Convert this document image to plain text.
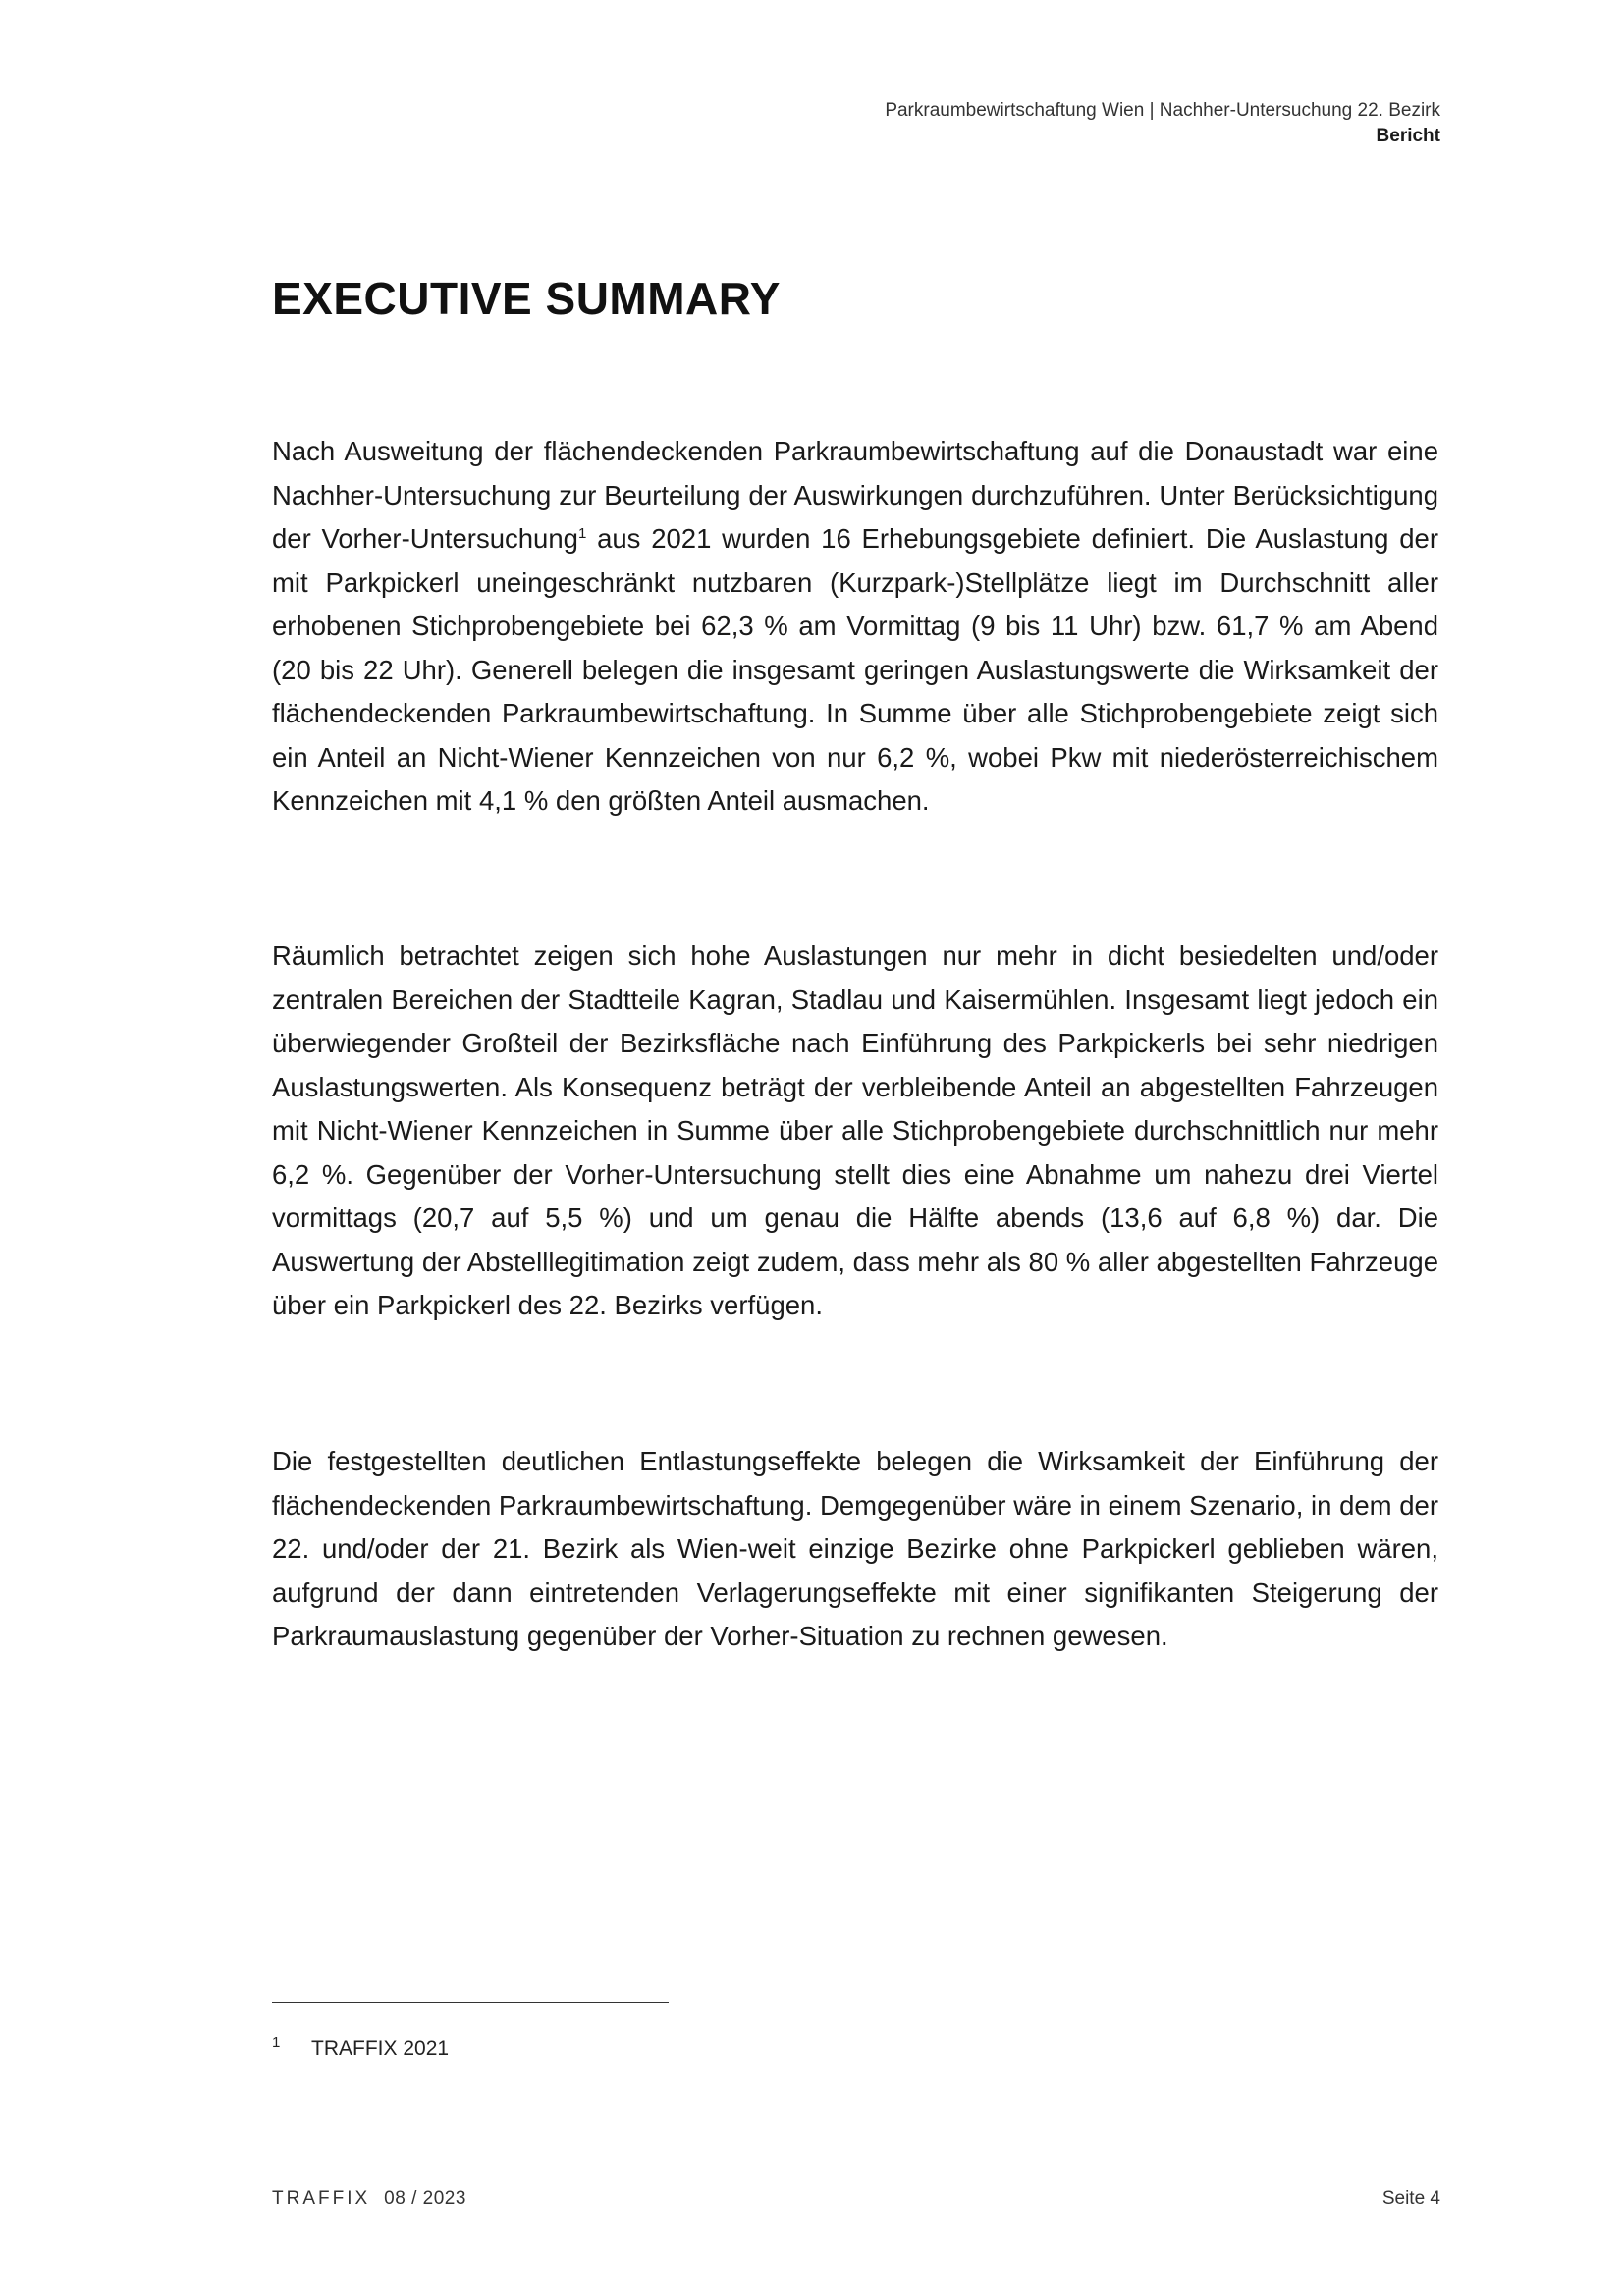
Parkraumbewirtschaftung Wien | Nachher-Untersuchung 22. Bezirk
Bericht
EXECUTIVE SUMMARY

Nach Ausweitung der flächendeckenden Parkraumbewirtschaftung auf die Donaustadt war eine Nachher-Untersuchung zur Beurteilung der Auswirkungen durchzuführen. Unter Berücksichtigung der Vorher-Untersuchung$^1$ aus 2021 wurden 16 Erhebungsgebiete definiert. Die Auslastung der mit Parkpickerl uneingeschränkt nutzbaren (Kurzpark-)Stellplätze liegt im Durchschnitt aller erhobenen Stichprobengebiete bei 62,3 % am Vormittag (9 bis 11 Uhr) bzw. 61,7 % am Abend (20 bis 22 Uhr). Generell belegen die insgesamt geringen Auslastungswerte die Wirksamkeit der flächendeckenden Parkraumbewirtschaftung. In Summe über alle Stichprobengebiete zeigt sich ein Anteil an Nicht-Wiener Kennzeichen von nur 6,2 %, wobei Pkw mit niederösterreichischem Kennzeichen mit 4,1 % den größten Anteil ausmachen.

Räumlich betrachtet zeigen sich hohe Auslastungen nur mehr in dicht besiedelten und/oder zentralen Bereichen der Stadtteile Kagran, Stadlau und Kaisermühlen. Insgesamt liegt jedoch ein überwiegender Großteil der Bezirksfläche nach Einführung des Parkpickerls bei sehr niedrigen Auslastungswerten. Als Konsequenz beträgt der verbleibende Anteil an abgestellten Fahrzeugen mit Nicht-Wiener Kennzeichen in Summe über alle Stichprobengebiete durchschnittlich nur mehr 6,2 %. Gegenüber der Vorher-Untersuchung stellt dies eine Abnahme um nahezu drei Viertel vormittags (20,7 auf 5,5 %) und um genau die Hälfte abends (13,6 auf 6,8 %) dar. Die Auswertung der Abstelllegitimation zeigt zudem, dass mehr als 80 % aller abgestellten Fahrzeuge über ein Parkpickerl des 22. Bezirks verfügen.

Die festgestellten deutlichen Entlastungseffekte belegen die Wirksamkeit der Einführung der flächendeckenden Parkraumbewirtschaftung. Demgegenüber wäre in einem Szenario, in dem der 22. und/oder der 21. Bezirk als Wien-weit einzige Bezirke ohne Parkpickerl geblieben wären, aufgrund der dann eintretenden Verlagerungseffekte mit einer signifikanten Steigerung der Parkraumauslastung gegenüber der Vorher-Situation zu rechnen gewesen.

1 TRAFFIX 2021
TRAFFIX 08 / 2023	Seite 4
